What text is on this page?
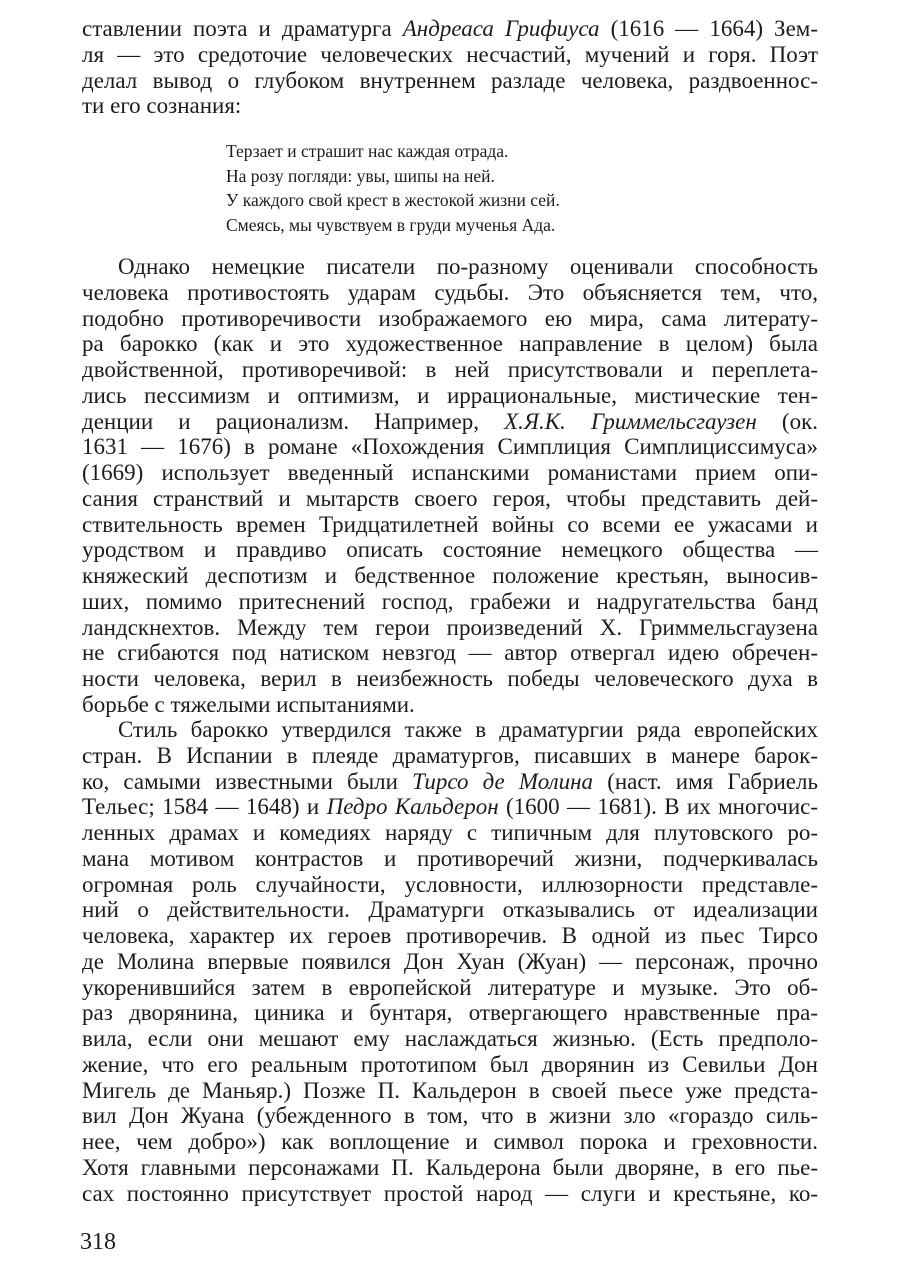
ставлении поэта и драматурга Андреаса Грифиуса (1616 — 1664) Зем-

ля — это средоточие человеческих несчастий, мучений и горя. Поэт

делал вывод о глубоком внутреннем разладе человека, раздвоеннос-

ти его сознания:

Терзает и страшит нас каждая отрада.

На розу погляди: увы, шипы на ней.

У каждого свой крест в жестокой жизни сей.

Смеясь, мы чувствуем в груди мученья Ада.

Однако немецкие писатели по-разному оценивали способность

человека противостоять ударам судьбы. Это объясняется тем, что,

подобно противоречивости изображаемого ею мира, сама литерату-

ра барокко (как и это художественное направление в целом) была

двойственной, противоречивой: в ней присутствовали и переплета-

лись пессимизм и оптимизм, и иррациональные, мистические тен-

денции и рационализм. Например, Х.Я.К. Гриммельсгаузен (ок.

1631 — 1676) в романе «Похождения Симплиция Симплициссимуса»

(1669) использует введенный испанскими романистами прием опи-

сания странствий и мытарств своего героя, чтобы представить дей-

ствительность времен Тридцатилетней войны со всеми ее ужасами и

уродством и правдиво описать состояние немецкого общества —

княжеский деспотизм и бедственное положение крестьян, выносив-

ших, помимо притеснений господ, грабежи и надругательства банд

ландскнехтов. Между тем герои произведений Х. Гриммельсгаузена

не сгибаются под натиском невзгод — автор отвергал идею обречен-

ности человека, верил в неизбежность победы человеческого духа в

борьбе с тяжелыми испытаниями.

Стиль барокко утвердился также в драматургии ряда европейских

стран. В Испании в плеяде драматургов, писавших в манере барок-

ко, самыми известными были Тирсо де Молина (наст. имя Габриель

Тельес; 1584 — 1648) и Педро Кальдерон (1600 — 1681). В их многочис-

ленных драмах и комедиях наряду с типичным для плутовского ро-

мана мотивом контрастов и противоречий жизни, подчеркивалась

огромная роль случайности, условности, иллюзорности представле-

ний о действительности. Драматурги отказывались от идеализации

человека, характер их героев противоречив. В одной из пьес Тирсо

де Молина впервые появился Дон Хуан (Жуан) — персонаж, прочно

укоренившийся затем в европейской литературе и музыке. Это об-

раз дворянина, циника и бунтаря, отвергающего нравственные пра-

вила, если они мешают ему наслаждаться жизнью. (Есть предполо-

жение, что его реальным прототипом был дворянин из Севильи Дон

Мигель де Маньяр.) Позже П. Кальдерон в своей пьесе уже предста-

вил Дон Жуана (убежденного в том, что в жизни зло «гораздо силь-

нее, чем добро») как воплощение и символ порока и греховности.

Хотя главными персонажами П. Кальдерона были дворяне, в его пье-

сах постоянно присутствует простой народ — слуги и крестьяне, ко-

318
